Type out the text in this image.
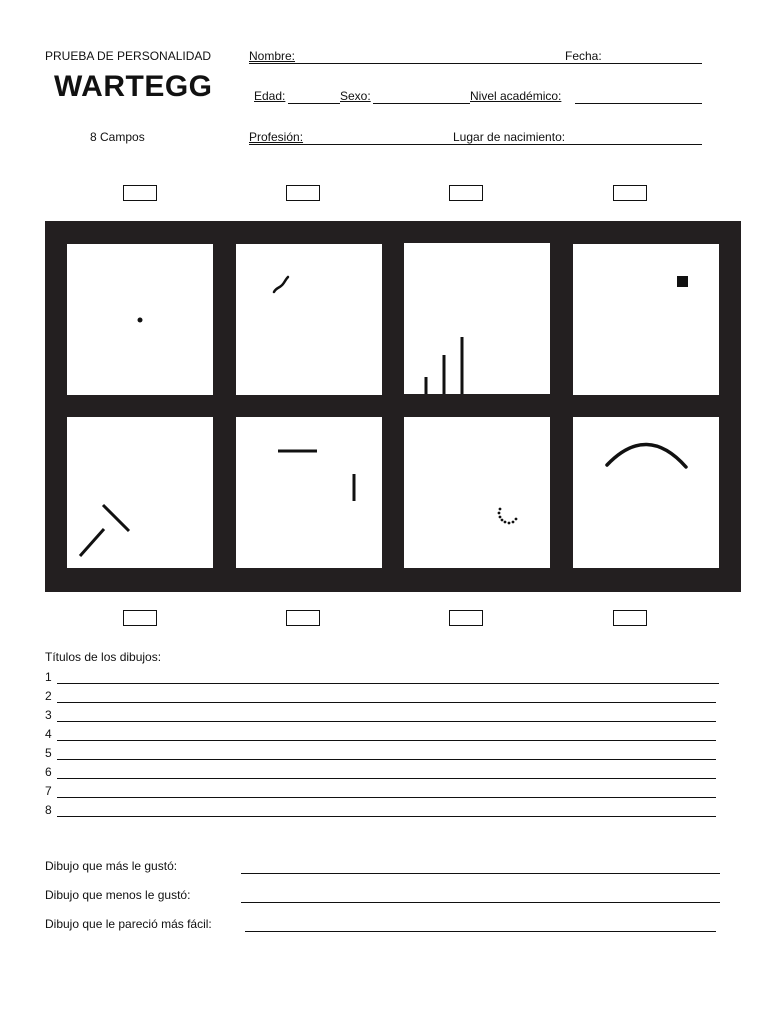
PRUEBA DE PERSONALIDAD
WARTEGG
8 Campos
Nombre:	Fecha:
Edad:	Sexo:	Nivel académico:
Profesión:	Lugar de nacimiento:
Títulos de los dibujos:
1
2
3
4
5
6
7
8
Dibujo que más le gustó:
Dibujo que menos le gustó:
Dibujo que le pareció más fácil:
